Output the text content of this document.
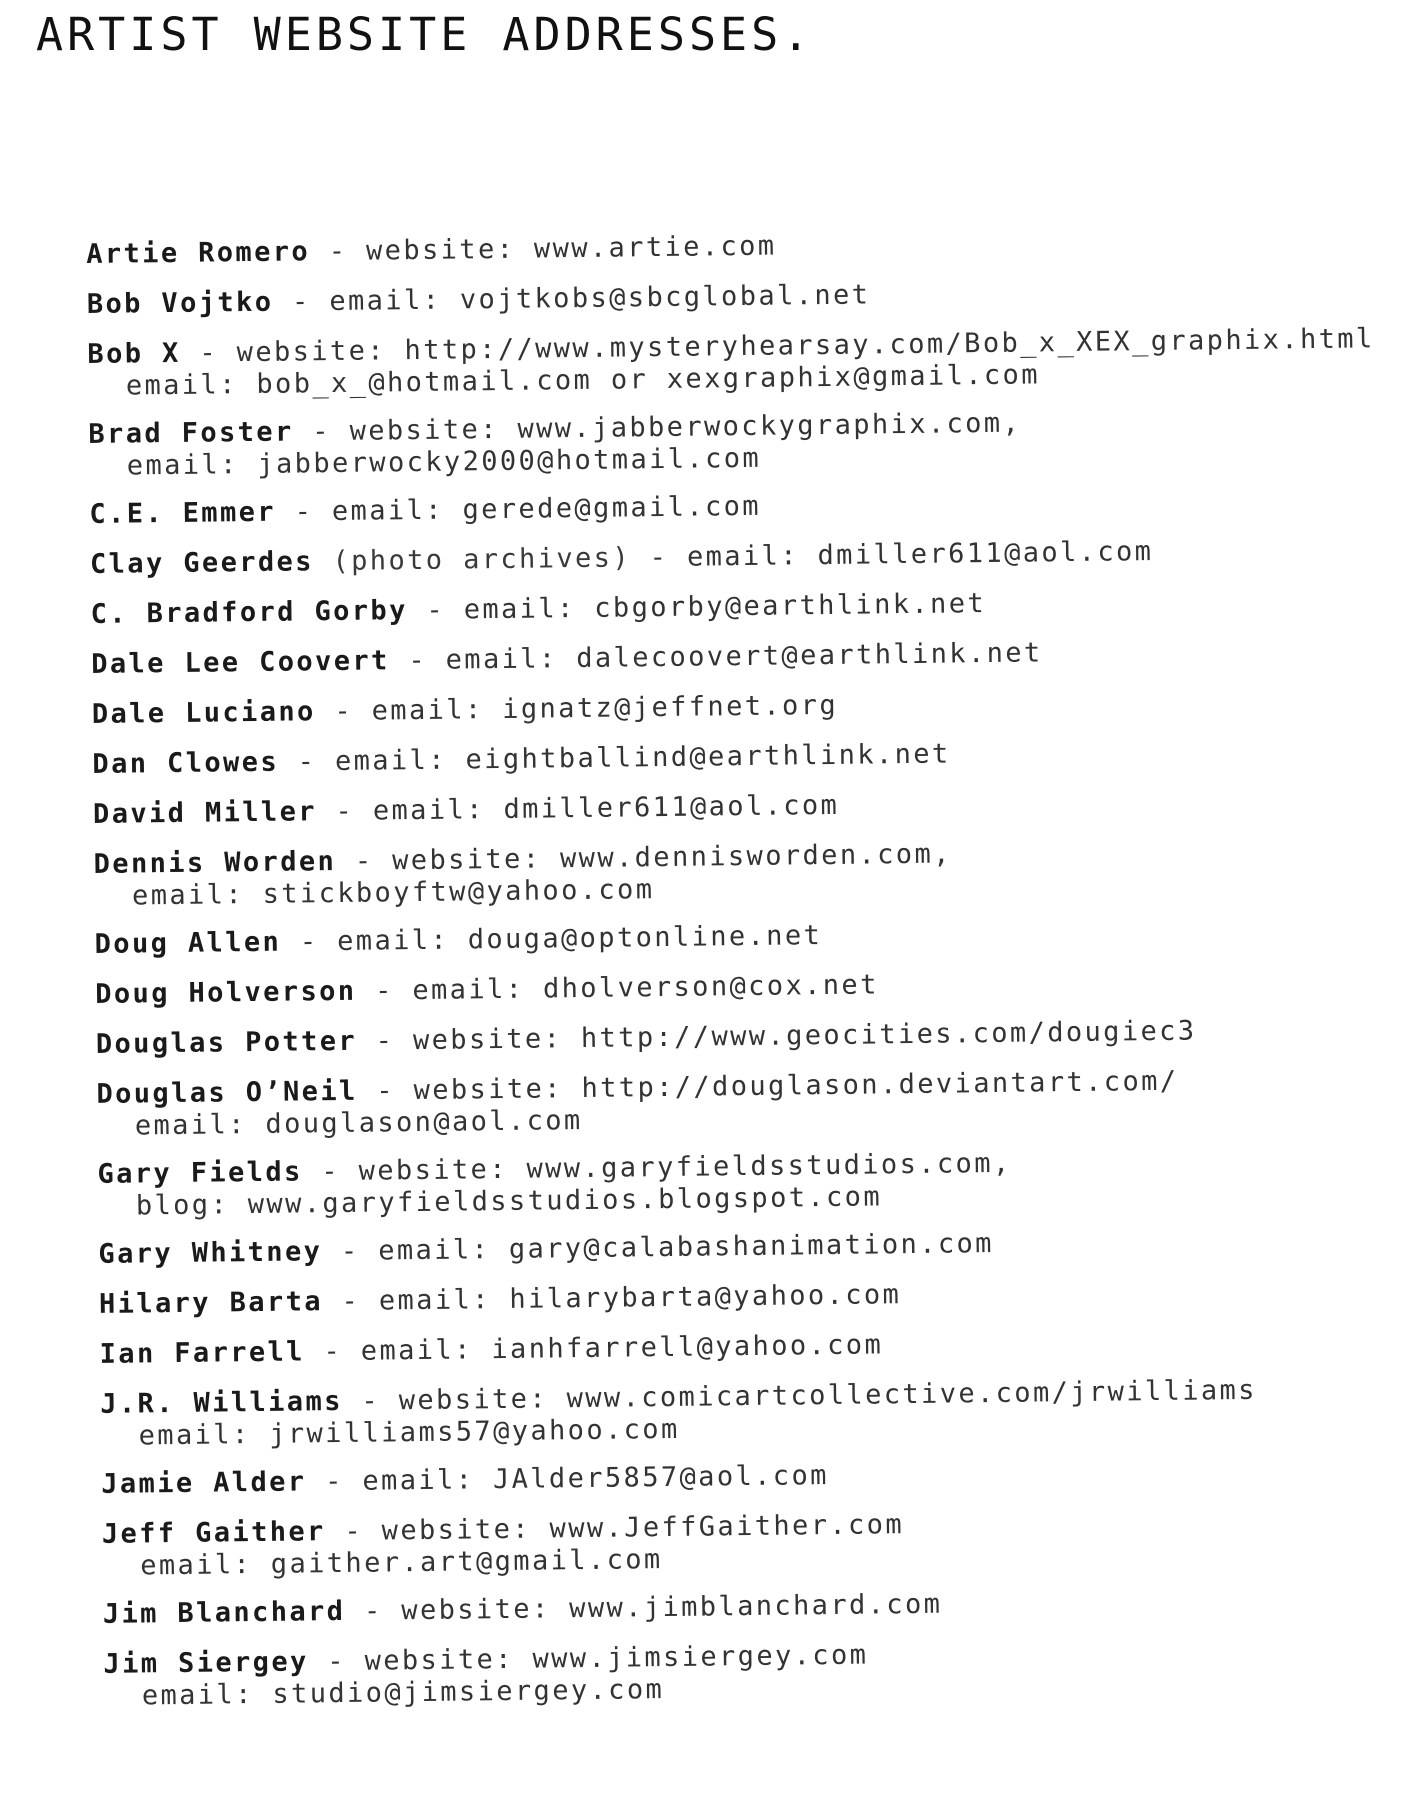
ARTIST WEBSITE ADDRESSES.
Artie Romero - website: www.artie.com
Bob Vojtko - email: vojtkobs@sbcglobal.net
Bob X - website: http://www.mysteryhearsay.com/Bob_x_XEX_graphix.html
email: bob_x_@hotmail.com or xexgraphix@gmail.com
Brad Foster - website: www.jabberwockygraphix.com,
email: jabberwocky2000@hotmail.com
C.E. Emmer - email: gerede@gmail.com
Clay Geerdes (photo archives) - email: dmiller611@aol.com
C. Bradford Gorby - email: cbgorby@earthlink.net
Dale Lee Coovert - email: dalecoovert@earthlink.net
Dale Luciano - email: ignatz@jeffnet.org
Dan Clowes - email: eightballind@earthlink.net
David Miller - email: dmiller611@aol.com
Dennis Worden - website: www.dennisworden.com,
email: stickboyftw@yahoo.com
Doug Allen - email: douga@optonline.net
Doug Holverson - email: dholverson@cox.net
Douglas Potter - website: http://www.geocities.com/dougiec3
Douglas O’Neil - website: http://douglason.deviantart.com/
email: douglason@aol.com
Gary Fields - website: www.garyfieldsstudios.com,
blog: www.garyfieldsstudios.blogspot.com
Gary Whitney - email: gary@calabashanimation.com
Hilary Barta - email: hilarybarta@yahoo.com
Ian Farrell - email: ianhfarrell@yahoo.com
J.R. Williams - website: www.comicartcollective.com/jrwilliams
email: jrwilliams57@yahoo.com
Jamie Alder - email: JAlder5857@aol.com
Jeff Gaither - website: www.JeffGaither.com
email: gaither.art@gmail.com
Jim Blanchard - website: www.jimblanchard.com
Jim Siergey - website: www.jimsiergey.com
email: studio@jimsiergey.com
